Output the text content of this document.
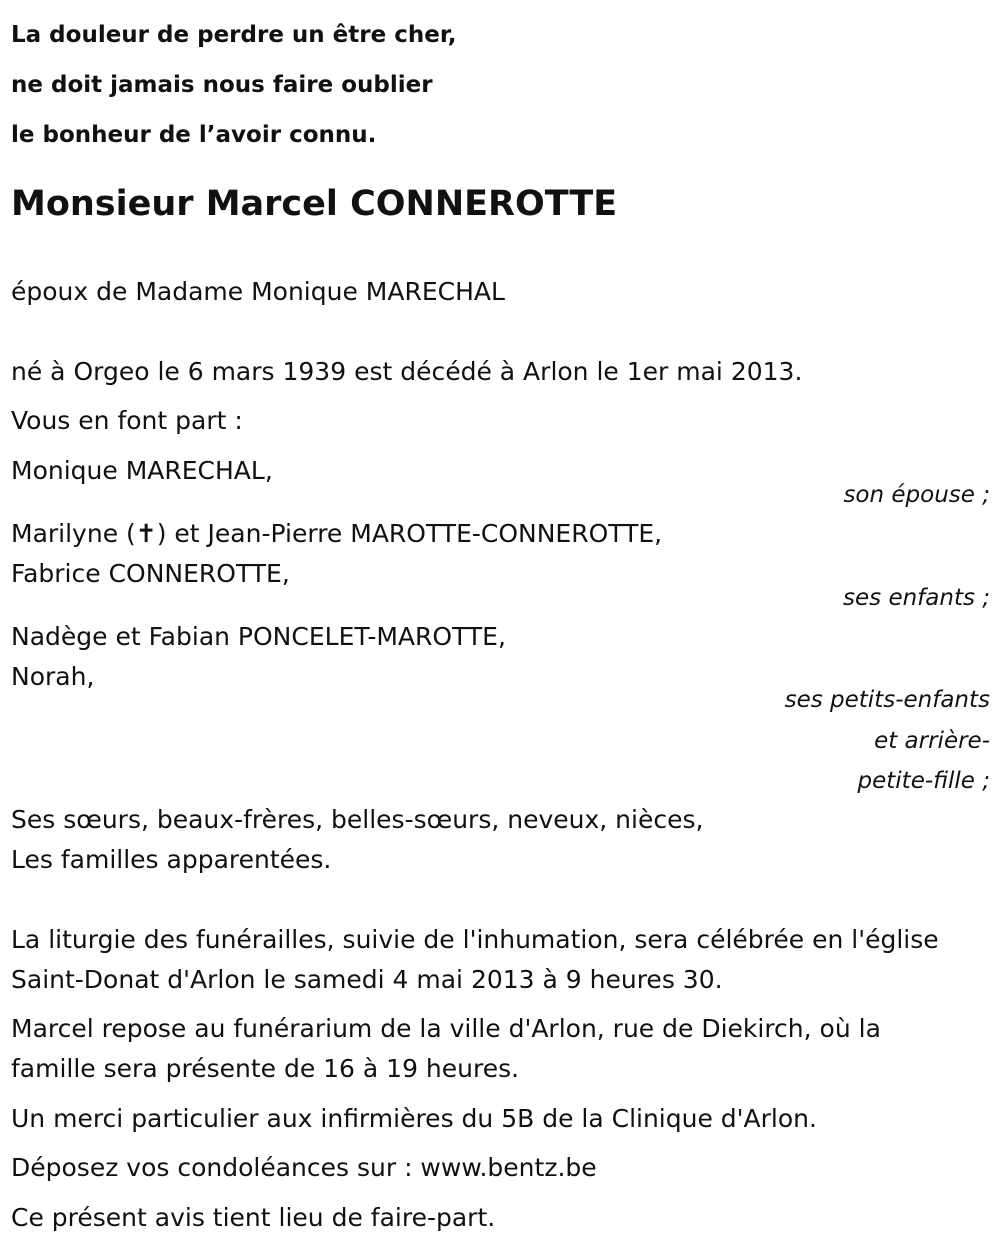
La douleur de perdre un être cher,
ne doit jamais nous faire oublier
le bonheur de l’avoir connu.
Monsieur Marcel CONNEROTTE
époux de Madame Monique MARECHAL
né à Orgeo le 6 mars 1939 est décédé à Arlon le 1er mai 2013.
Vous en font part :
Monique MARECHAL,
son épouse ;
Marilyne (✝) et Jean-Pierre MAROTTE-CONNEROTTE,
Fabrice CONNEROTTE,
ses enfants ;
Nadège et Fabian PONCELET-MAROTTE,
Norah,
ses petits-enfants
et arrière-
petite-fille ;
Ses sœurs, beaux-frères, belles-sœurs, neveux, nièces,
Les familles apparentées.
La liturgie des funérailles, suivie de l'inhumation, sera célébrée en l'église
Saint-Donat d'Arlon le samedi 4 mai 2013 à 9 heures 30.
Marcel repose au funérarium de la ville d'Arlon, rue de Diekirch, où la
famille sera présente de 16 à 19 heures.
Un merci particulier aux infirmières du 5B de la Clinique d'Arlon.
Déposez vos condoléances sur : www.bentz.be
Ce présent avis tient lieu de faire-part.
